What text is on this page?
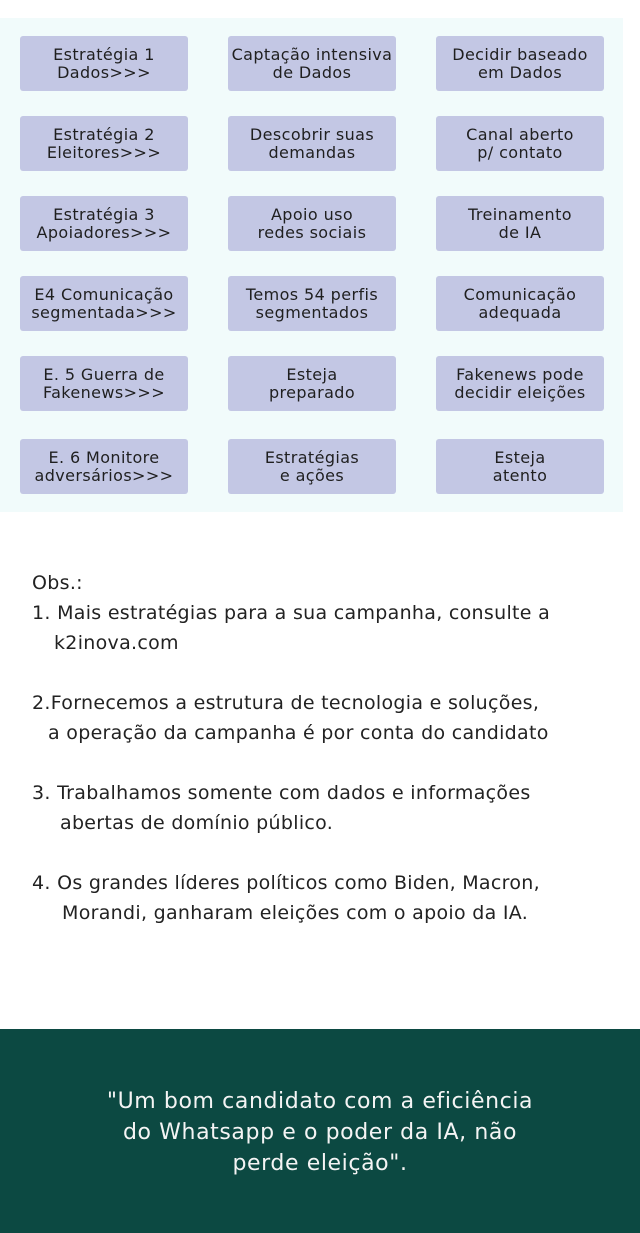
Estratégia 1
Dados>>>
Captação intensiva
de Dados
Decidir baseado
em Dados
Estratégia 2
Eleitores>>>
Descobrir suas
demandas
Canal aberto
p/ contato
Estratégia 3
Apoiadores>>>
Apoio uso
redes sociais
Treinamento
de IA
E4 Comunicação
segmentada>>>
Temos 54 perfis
segmentados
Comunicação
adequada
E. 5 Guerra de
Fakenews>>>
Esteja
preparado
Fakenews pode
decidir eleições
E. 6 Monitore
adversários>>>
Estratégias
e ações
Esteja
atento
Obs.:
1. Mais estratégias para a sua campanha, consulte a
k2inova.com
2.Fornecemos a estrutura de tecnologia e soluções,
a operação da campanha é por conta do candidato
3. Trabalhamos somente com dados e informações
abertas de domínio público.
4. Os grandes líderes políticos como Biden, Macron,
Morandi, ganharam eleições com o apoio da IA.
"Um bom candidato com a eficiência
do Whatsapp e o poder da IA, não
perde eleição".
